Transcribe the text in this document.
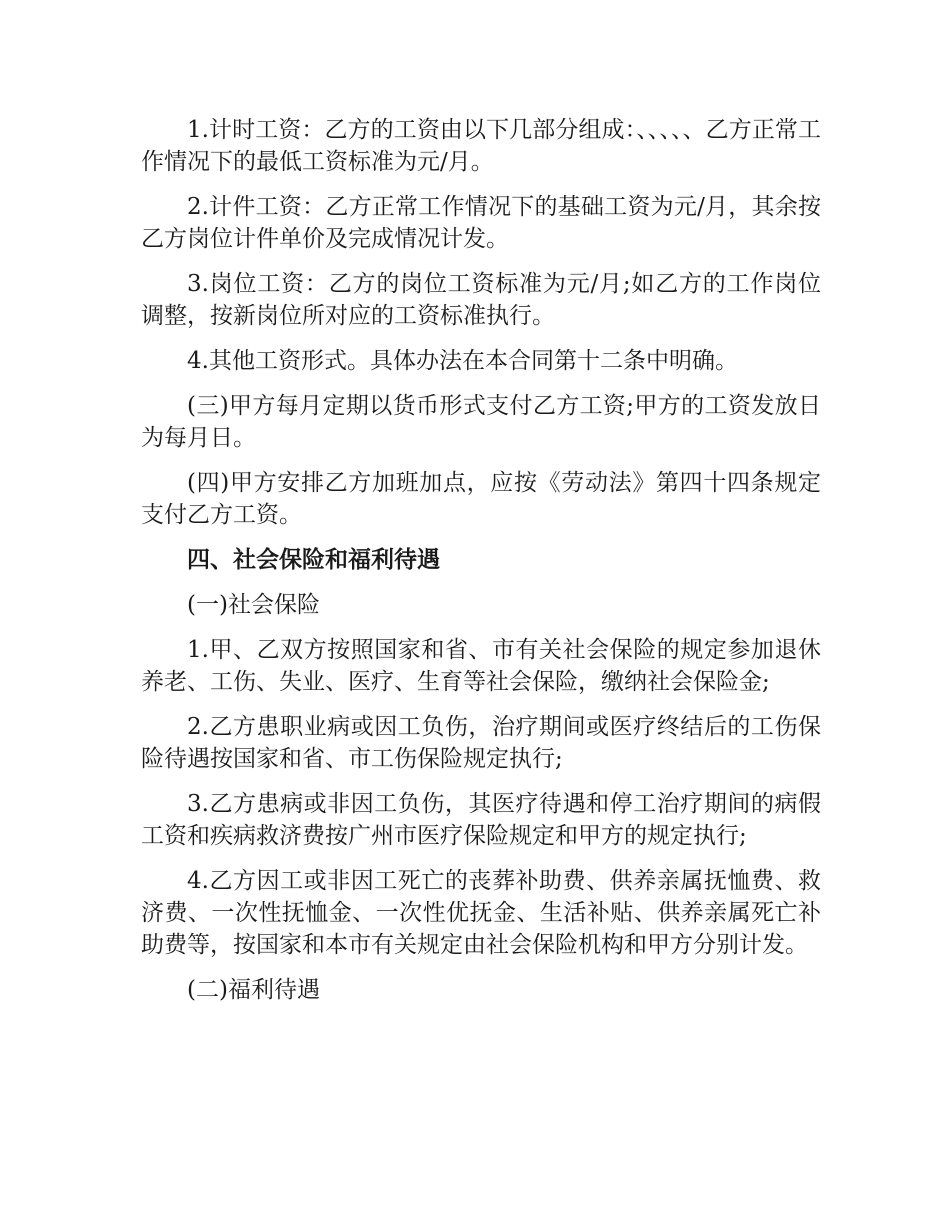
1.计时工资：乙方的工资由以下几部分组成：、、、、、乙方正常工作情况下的最低工资标准为元/月。

2.计件工资：乙方正常工作情况下的基础工资为元/月，其余按乙方岗位计件单价及完成情况计发。

3.岗位工资：乙方的岗位工资标准为元/月;如乙方的工作岗位调整，按新岗位所对应的工资标准执行。

4.其他工资形式。具体办法在本合同第十二条中明确。

(三)甲方每月定期以货币形式支付乙方工资;甲方的工资发放日为每月日。

(四)甲方安排乙方加班加点，应按《劳动法》第四十四条规定支付乙方工资。

四、社会保险和福利待遇

(一)社会保险

1.甲、乙双方按照国家和省、市有关社会保险的规定参加退休养老、工伤、失业、医疗、生育等社会保险，缴纳社会保险金;

2.乙方患职业病或因工负伤，治疗期间或医疗终结后的工伤保险待遇按国家和省、市工伤保险规定执行;

3.乙方患病或非因工负伤，其医疗待遇和停工治疗期间的病假工资和疾病救济费按广州市医疗保险规定和甲方的规定执行;

4.乙方因工或非因工死亡的丧葬补助费、供养亲属抚恤费、救济费、一次性抚恤金、一次性优抚金、生活补贴、供养亲属死亡补助费等，按国家和本市有关规定由社会保险机构和甲方分别计发。

(二)福利待遇
